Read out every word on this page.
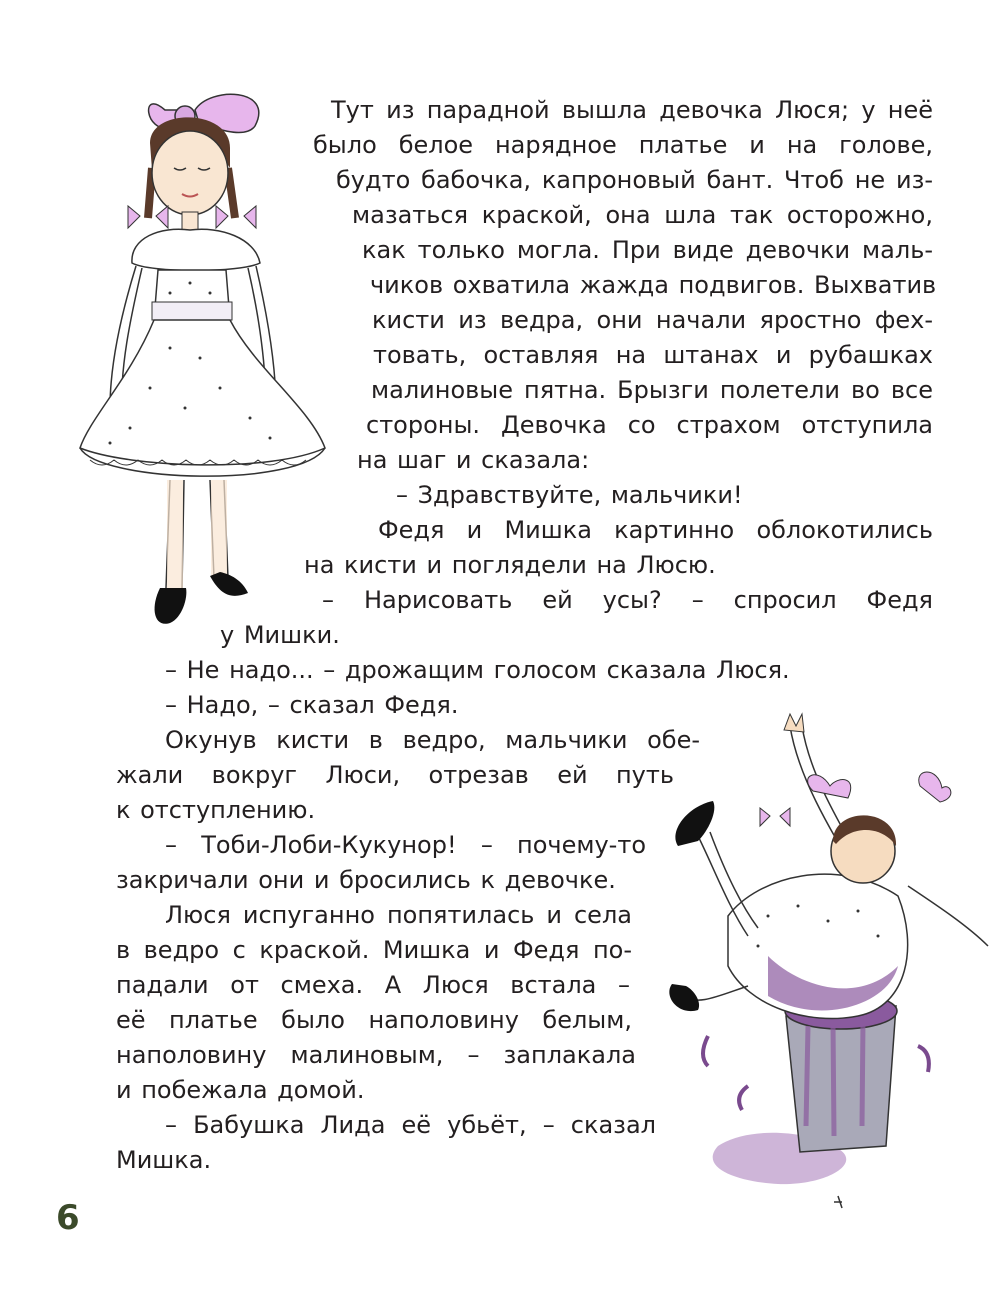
Тут из парадной вышла девочка Люся; у неё
было белое нарядное платье и на голове,
будто бабочка, капроновый бант. Чтоб не из-
мазаться краской, она шла так осторожно,
как только могла. При виде девочки маль-
чиков охватила жажда подвигов. Выхватив
кисти из ведра, они начали яростно фех-
товать, оставляя на штанах и рубашках
малиновые пятна. Брызги полетели во все
стороны. Девочка со страхом отступила
на шаг и сказала:
– Здравствуйте, мальчики!
Федя и Мишка картинно облокотились
на кисти и поглядели на Люсю.
– Нарисовать ей усы? – спросил Федя
у Мишки.
– Не надо... – дрожащим голосом сказала Люся.
– Надо, – сказал Федя.
Окунув кисти в ведро, мальчики обе-
жали вокруг Люси, отрезав ей путь
к отступлению.
– Тоби-Лоби-Кукунор! – почему-то
закричали они и бросились к девочке.
Люся испуганно попятилась и села
в ведро с краской. Мишка и Федя по-
падали от смеха. А Люся встала –
её платье было наполовину белым,
наполовину малиновым, – заплакала
и побежала домой.
– Бабушка Лида её убьёт, – сказал
Мишка.
6
